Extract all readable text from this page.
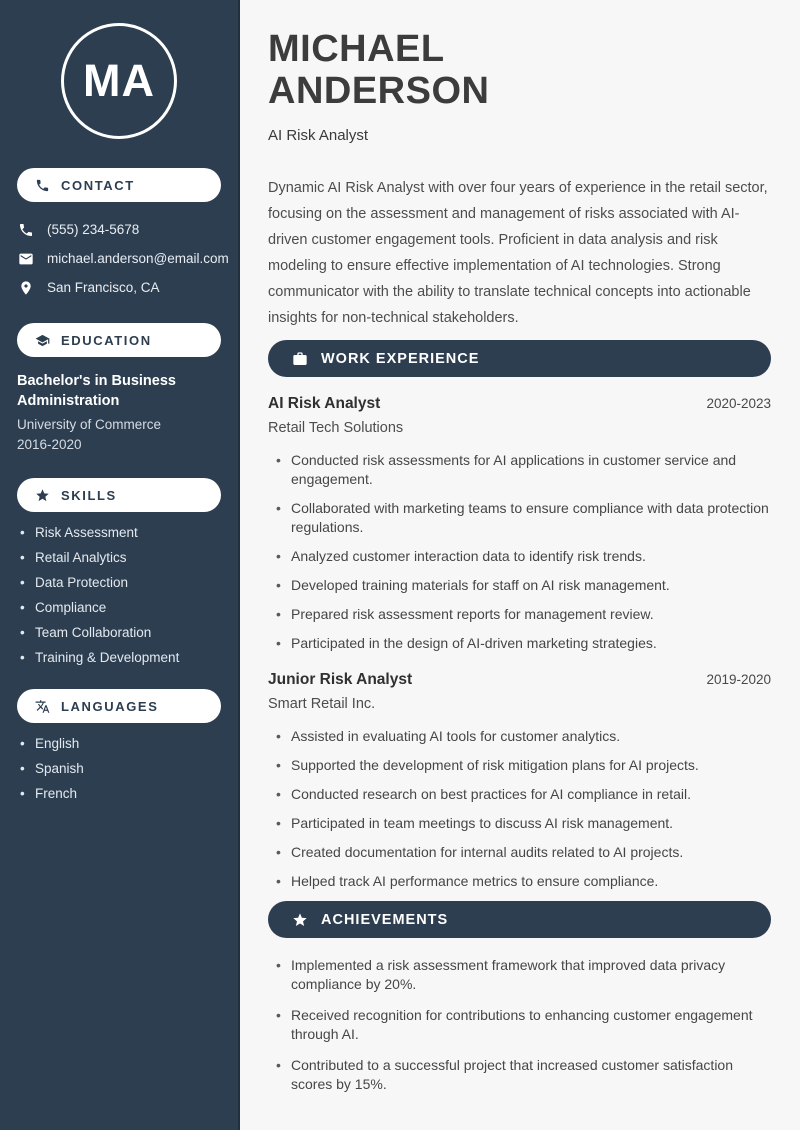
MA
CONTACT
(555) 234-5678
michael.anderson@email.com
San Francisco, CA
EDUCATION
Bachelor's in Business Administration
University of Commerce
2016-2020
SKILLS
• Risk Assessment
• Retail Analytics
• Data Protection
• Compliance
• Team Collaboration
• Training & Development
LANGUAGES
• English
• Spanish
• French
MICHAEL
ANDERSON
AI Risk Analyst

Dynamic AI Risk Analyst with over four years of experience in the retail sector, focusing on the assessment and management of risks associated with AI-driven customer engagement tools. Proficient in data analysis and risk modeling to ensure effective implementation of AI technologies. Strong communicator with the ability to translate technical concepts into actionable insights for non-technical stakeholders.

WORK EXPERIENCE
AI Risk Analyst	2020-2023
Retail Tech Solutions
• Conducted risk assessments for AI applications in customer service and engagement.
• Collaborated with marketing teams to ensure compliance with data protection regulations.
• Analyzed customer interaction data to identify risk trends.
• Developed training materials for staff on AI risk management.
• Prepared risk assessment reports for management review.
• Participated in the design of AI-driven marketing strategies.
Junior Risk Analyst	2019-2020
Smart Retail Inc.
• Assisted in evaluating AI tools for customer analytics.
• Supported the development of risk mitigation plans for AI projects.
• Conducted research on best practices for AI compliance in retail.
• Participated in team meetings to discuss AI risk management.
• Created documentation for internal audits related to AI projects.
• Helped track AI performance metrics to ensure compliance.
ACHIEVEMENTS
• Implemented a risk assessment framework that improved data privacy compliance by 20%.
• Received recognition for contributions to enhancing customer engagement through AI.
• Contributed to a successful project that increased customer satisfaction scores by 15%.
